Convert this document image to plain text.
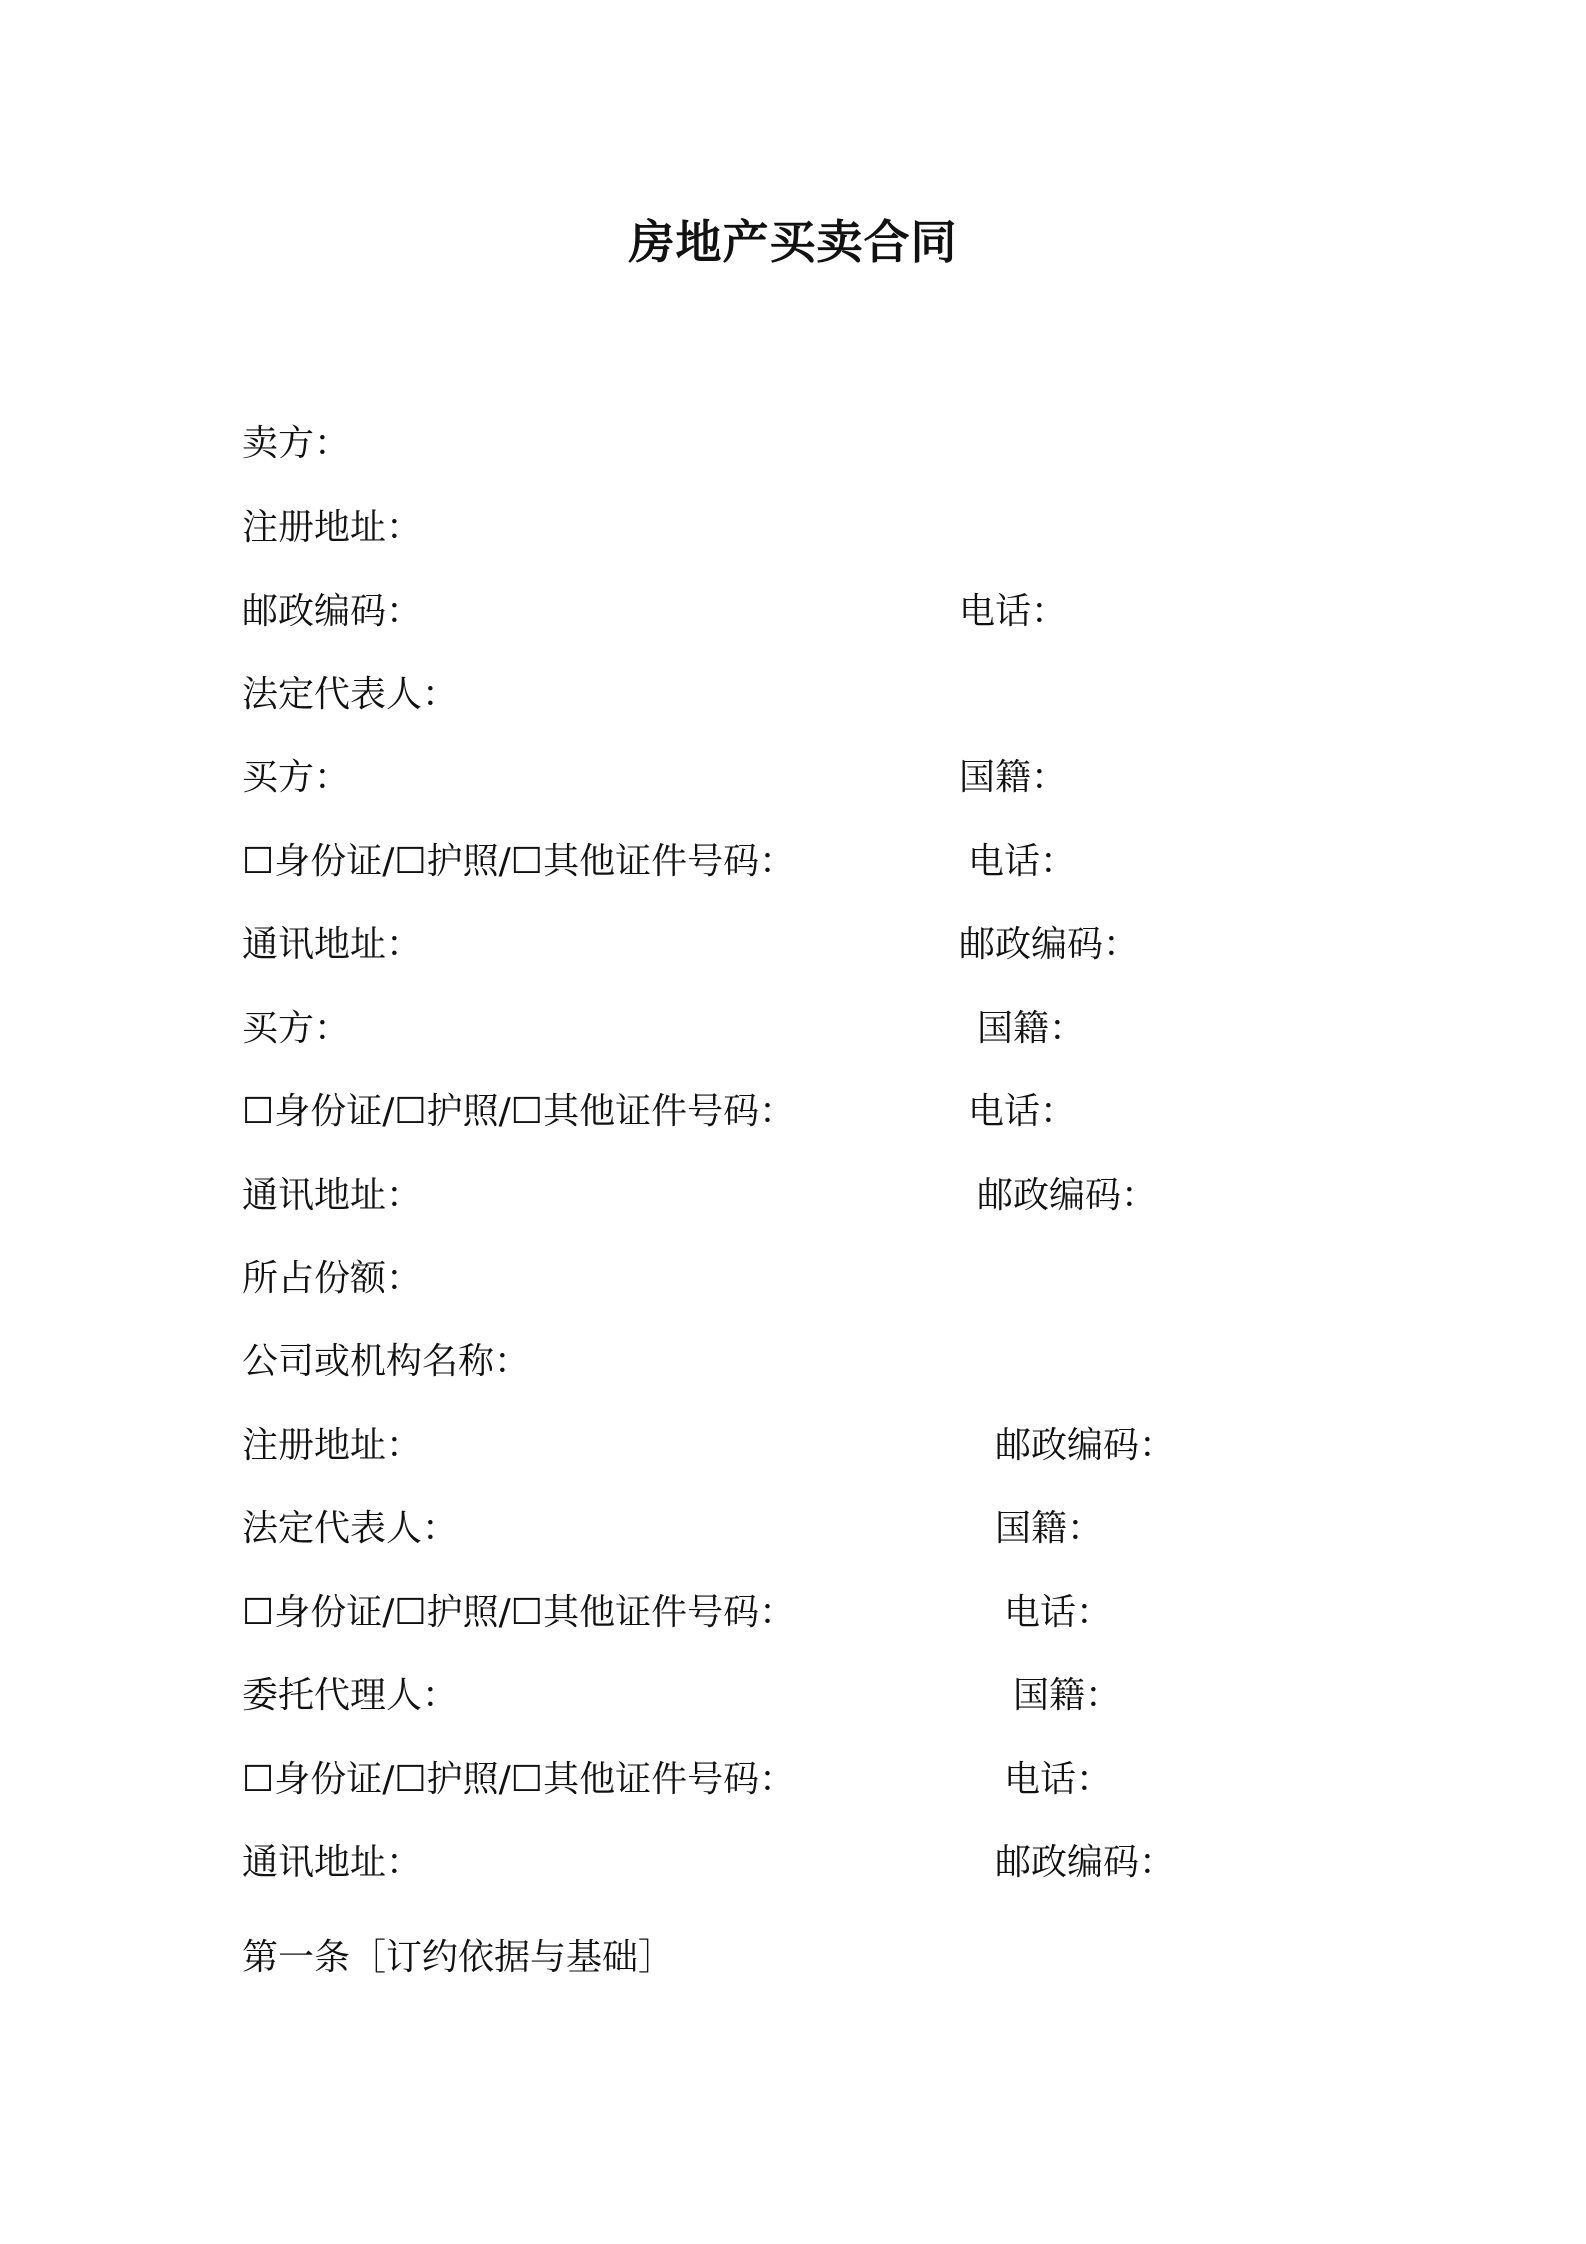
房地产买卖合同
卖方：
注册地址：
邮政编码：	电话：
法定代表人：
买方：	国籍：
☐身份证/☐护照/☐其他证件号码：	电话：
通讯地址：	邮政编码：
买方：	国籍：
☐身份证/☐护照/☐其他证件号码：	电话：
通讯地址：	邮政编码：
所占份额：
公司或机构名称：
注册地址：	邮政编码：
法定代表人：	国籍：
☐身份证/☐护照/☐其他证件号码：	电话：
委托代理人：	国籍：
☐身份证/☐护照/☐其他证件号码：	电话：
通讯地址：	邮政编码：
第一条［订约依据与基础］
